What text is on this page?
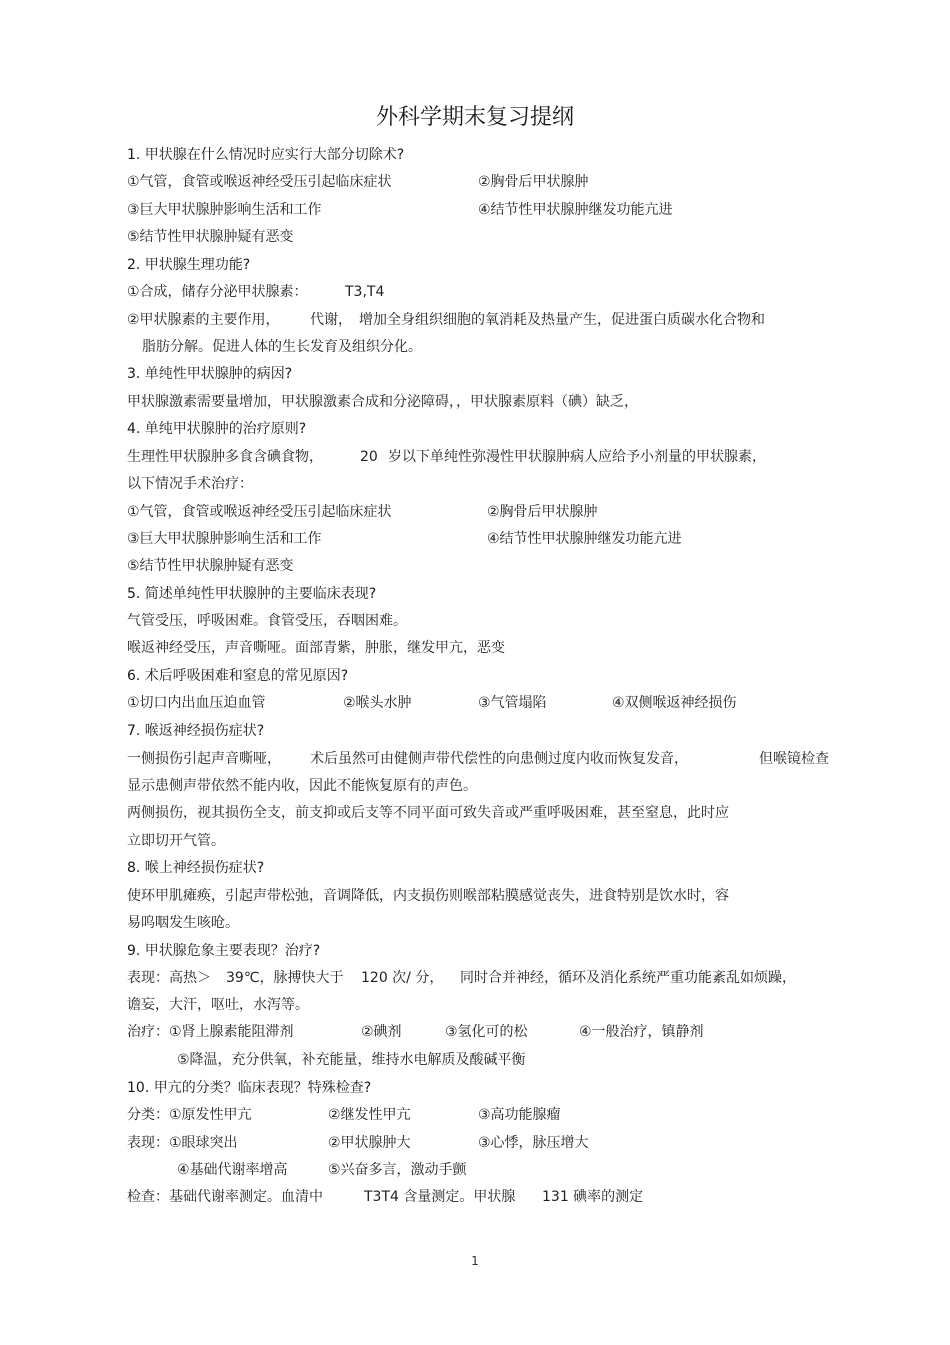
外科学期末复习提纲
1. 甲状腺在什么情况时应实行大部分切除术?
①气管，食管或喉返神经受压引起临床症状	②胸骨后甲状腺肿
③巨大甲状腺肿影响生活和工作	④结节性甲状腺肿继发功能亢进
⑤结节性甲状腺肿疑有恶变
2. 甲状腺生理功能?
①合成，储存分泌甲状腺素：	T3,T4
②甲状腺素的主要作用， 代谢， 增加全身组织细胞的氧消耗及热量产生，促进蛋白质碳水化合物和
脂肪分解。促进人体的生长发育及组织分化。
3. 单纯性甲状腺肿的病因?
甲状腺激素需要量增加，甲状腺激素合成和分泌障碍，，甲状腺素原料（碘）缺乏，
4. 单纯甲状腺肿的治疗原则?
生理性甲状腺肿多食含碘食物，	20 岁以下单纯性弥漫性甲状腺肿病人应给予小剂量的甲状腺素，
以下情况手术治疗：
①气管，食管或喉返神经受压引起临床症状	②胸骨后甲状腺肿
③巨大甲状腺肿影响生活和工作	④结节性甲状腺肿继发功能亢进
⑤结节性甲状腺肿疑有恶变
5. 简述单纯性甲状腺肿的主要临床表现?
气管受压，呼吸困难。食管受压，吞咽困难。
喉返神经受压，声音嘶哑。面部青紫，肿胀，继发甲亢，恶变
6. 术后呼吸困难和窒息的常见原因?
①切口内出血压迫血管	②喉头水肿	③气管塌陷	④双侧喉返神经损伤
7. 喉返神经损伤症状?
一侧损伤引起声音嘶哑， 术后虽然可由健侧声带代偿性的向患侧过度内收而恢复发音，	但喉镜检查
显示患侧声带依然不能内收，因此不能恢复原有的声色。
两侧损伤，视其损伤全支，前支抑或后支等不同平面可致失音或严重呼吸困难，甚至窒息，此时应
立即切开气管。
8. 喉上神经损伤症状?
使环甲肌瘫痪，引起声带松弛，音调降低，内支损伤则喉部粘膜感觉丧失，进食特别是饮水时，容
易呜咽发生咳呛。
9. 甲状腺危象主要表现？治疗?
表现：高热＞ 39℃，脉搏快大于 120 次/ 分， 同时合并神经，循环及消化系统严重功能紊乱如烦躁，
谵妄，大汗，呕吐，水泻等。
治疗：①肾上腺素能阻滞剂	②碘剂	③氢化可的松	④一般治疗，镇静剂
⑤降温，充分供氧，补充能量，维持水电解质及酸碱平衡
10. 甲亢的分类？临床表现？特殊检查?
分类：①原发性甲亢	②继发性甲亢	③高功能腺瘤
表现：①眼球突出	②甲状腺肿大	③心悸，脉压增大
④基础代谢率增高	⑤兴奋多言，激动手颤
检查：基础代谢率测定。血清中	T3T4 含量测定。甲状腺 131 碘率的测定
1
